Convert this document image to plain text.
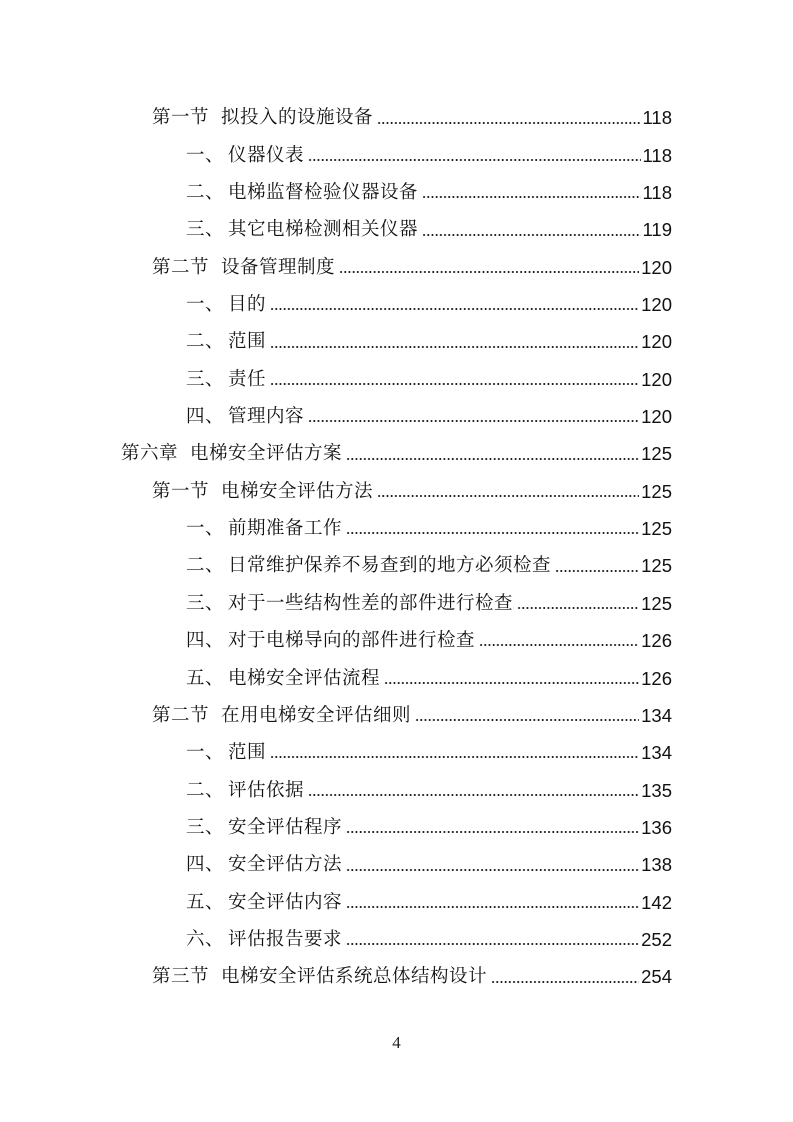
第一节 拟投入的设施设备	118
一、 仪器仪表	118
二、 电梯监督检验仪器设备	118
三、 其它电梯检测相关仪器	119
第二节 设备管理制度	120
一、 目的	120
二、 范围	120
三、 责任	120
四、 管理内容	120
第六章 电梯安全评估方案	125
第一节 电梯安全评估方法	125
一、 前期准备工作	125
二、 日常维护保养不易查到的地方必须检查	125
三、 对于一些结构性差的部件进行检查	125
四、 对于电梯导向的部件进行检查	126
五、 电梯安全评估流程	126
第二节 在用电梯安全评估细则	134
一、 范围	134
二、 评估依据	135
三、 安全评估程序	136
四、 安全评估方法	138
五、 安全评估内容	142
六、 评估报告要求	252
第三节 电梯安全评估系统总体结构设计	254
4
